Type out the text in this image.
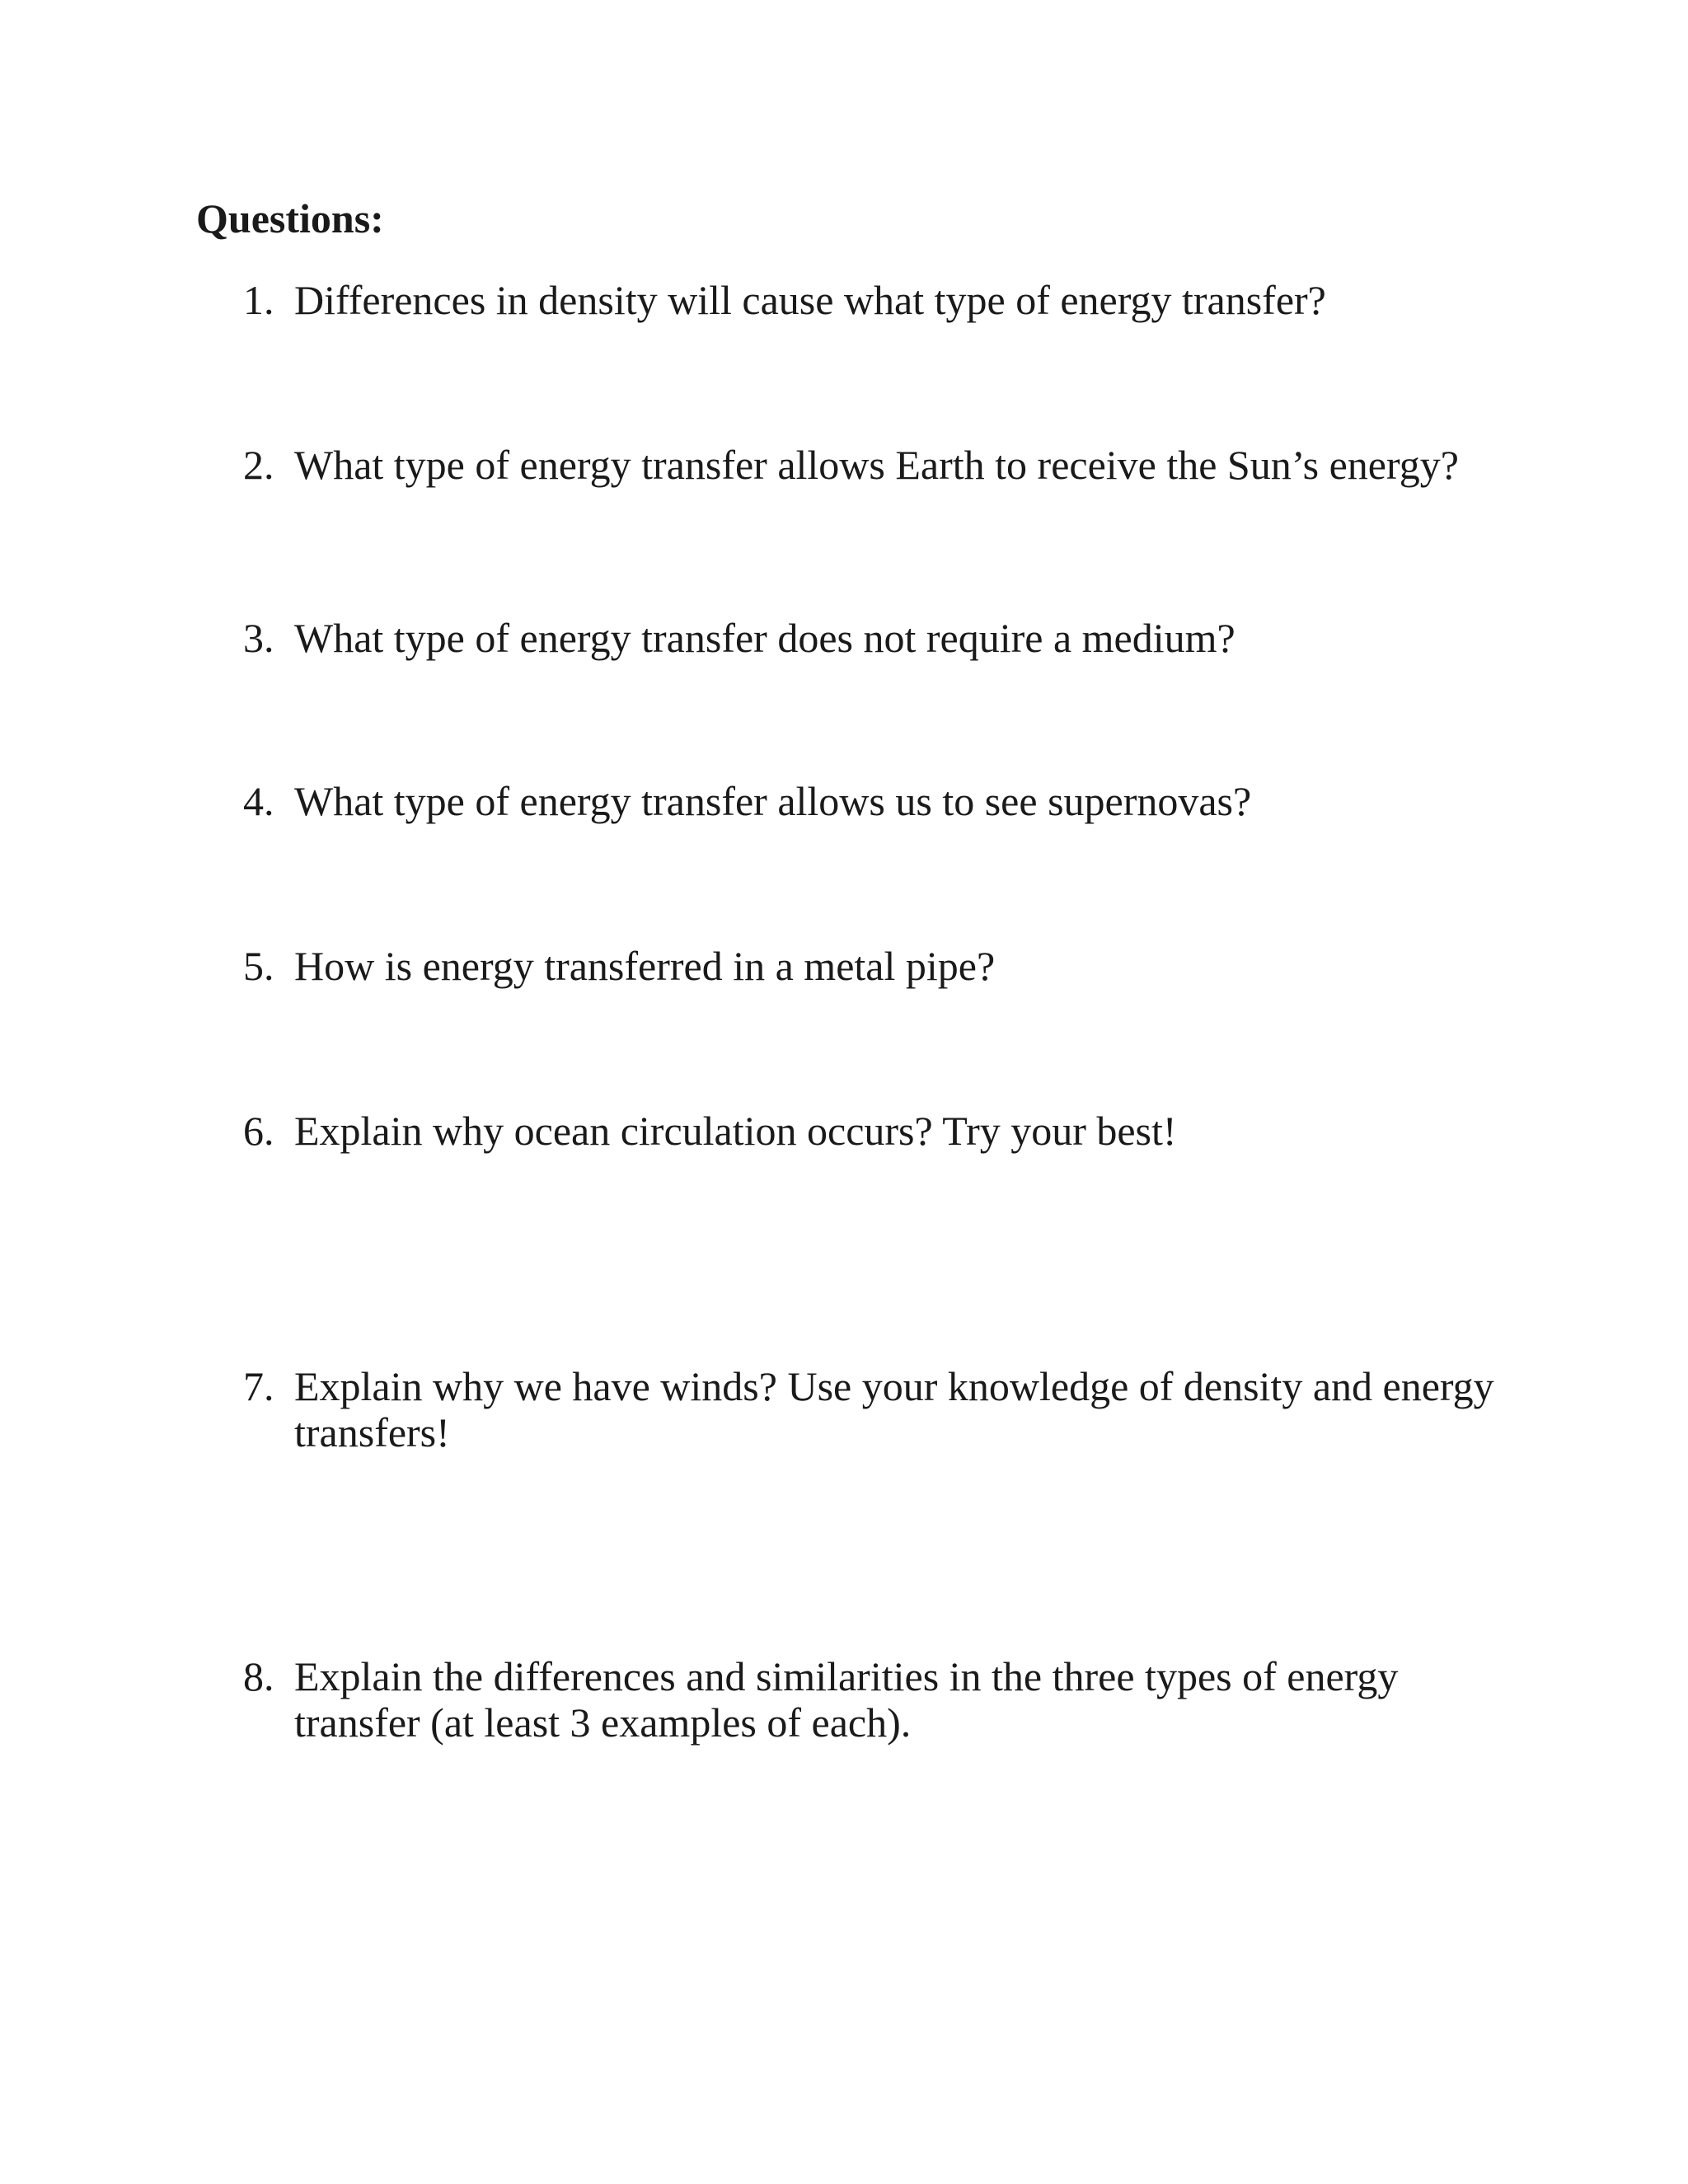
Questions:
1. Differences in density will cause what type of energy transfer?
2. What type of energy transfer allows Earth to receive the Sun’s energy?
3. What type of energy transfer does not require a medium?
4. What type of energy transfer allows us to see supernovas?
5. How is energy transferred in a metal pipe?
6. Explain why ocean circulation occurs? Try your best!
7. Explain why we have winds? Use your knowledge of density and energy transfers!
8. Explain the differences and similarities in the three types of energy transfer (at least 3 examples of each).
